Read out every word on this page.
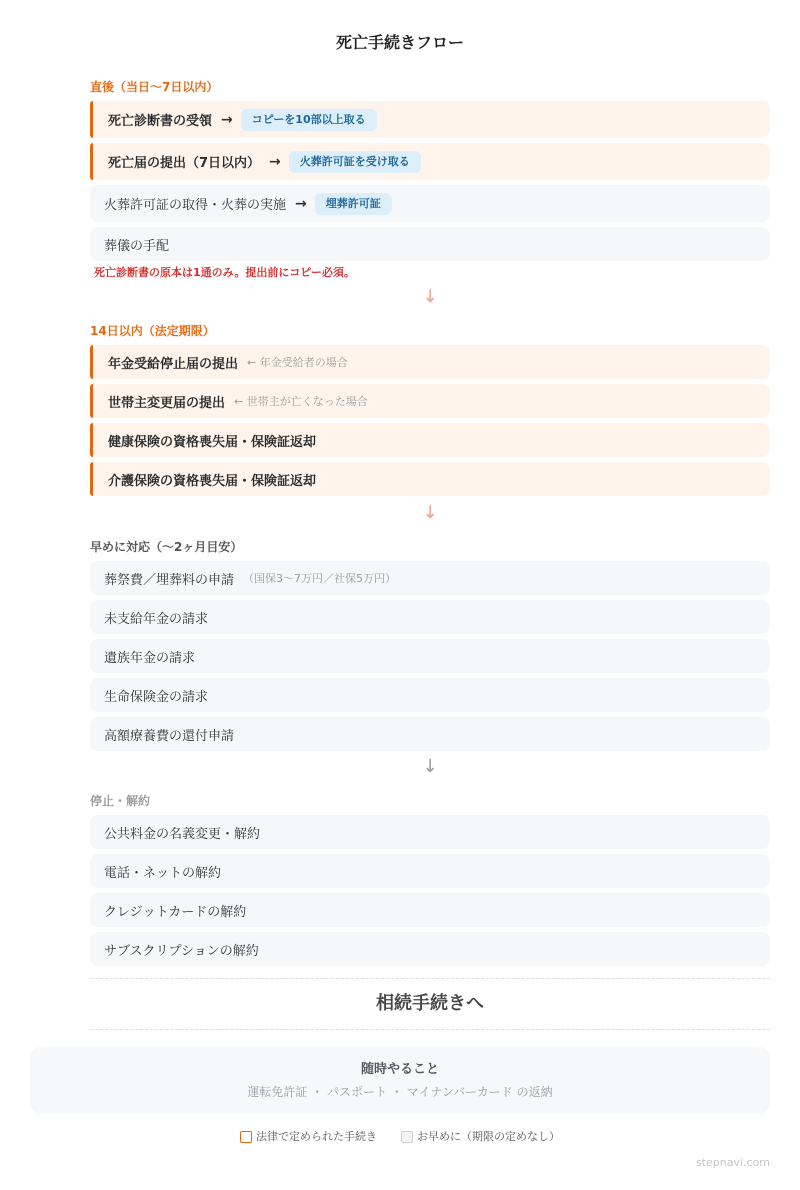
死亡手続きフロー
直後（当日〜7日以内）
死亡診断書の受領 →	コピーを10部以上取る
死亡届の提出（7日以内） →	火葬許可証を受け取る
火葬許可証の取得・火葬の実施 →	埋葬許可証
葬儀の手配
死亡診断書の原本は1通のみ。提出前にコピー必須。
↓
14日以内（法定期限）
年金受給停止届の提出 ← 年金受給者の場合
世帯主変更届の提出 ← 世帯主が亡くなった場合
健康保険の資格喪失届・保険証返却
介護保険の資格喪失届・保険証返却
↓
早めに対応（〜2ヶ月目安）
葬祭費／埋葬料の申請 （国保3〜7万円／社保5万円）
未支給年金の請求
遺族年金の請求
生命保険金の請求
高額療養費の還付申請
↓
停止・解約
公共料金の名義変更・解約
電話・ネットの解約
クレジットカードの解約
サブスクリプションの解約
相続手続きへ
随時やること
運転免許証 ・ パスポート ・ マイナンバーカード の返納
法律で定められた手続き	お早めに（期限の定めなし）
stepnavi.com
